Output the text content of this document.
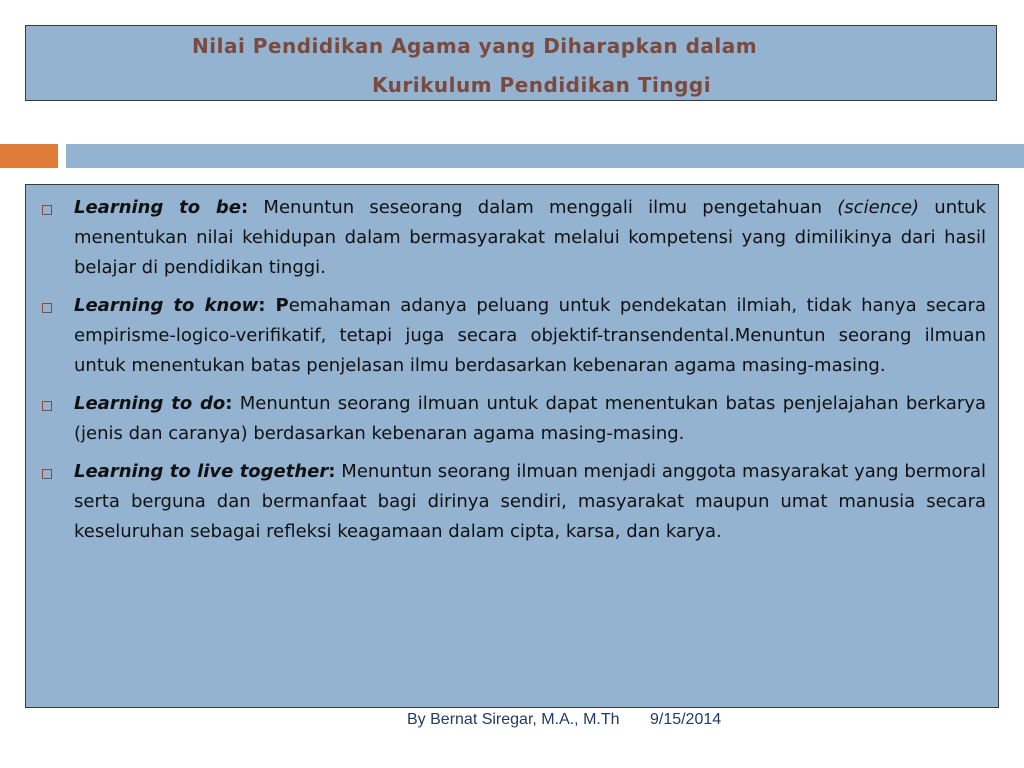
Nilai Pendidikan Agama yang Diharapkan dalam
Kurikulum Pendidikan Tinggi
Learning to be: Menuntun seseorang dalam menggali ilmu pengetahuan (science) untuk menentukan nilai kehidupan dalam bermasyarakat melalui kompetensi yang dimilikinya dari hasil belajar di pendidikan tinggi.
Learning to know: Pemahaman adanya peluang untuk pendekatan ilmiah, tidak hanya secara empirisme-logico-verifikatif, tetapi juga secara objektif-transendental.Menuntun seorang ilmuan untuk menentukan batas penjelasan ilmu berdasarkan kebenaran agama masing-masing.
Learning to do: Menuntun seorang ilmuan untuk dapat menentukan batas penjelajahan berkarya (jenis dan caranya) berdasarkan kebenaran agama masing-masing.
Learning to live together: Menuntun seorang ilmuan menjadi anggota masyarakat yang bermoral serta berguna dan bermanfaat bagi dirinya sendiri, masyarakat maupun umat manusia secara keseluruhan sebagai refleksi keagamaan dalam cipta, karsa, dan karya.
By Bernat Siregar, M.A., M.Th 9/15/2014
